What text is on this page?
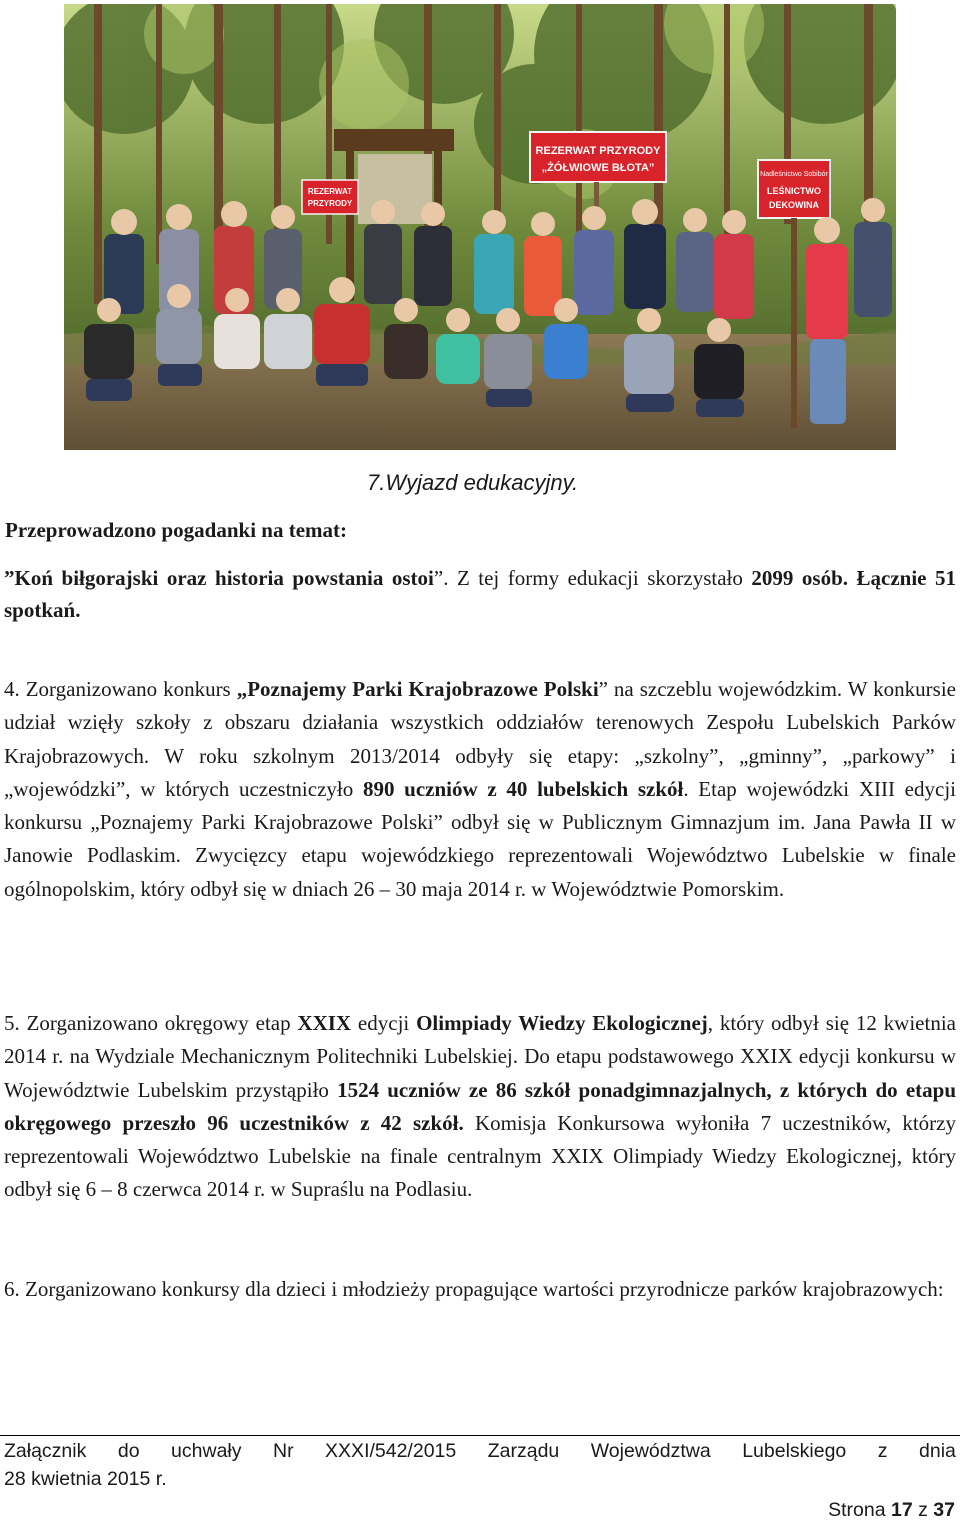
REZERWAT
PRZYRODY
REZERWAT PRZYRODY
„ŻÓŁWIOWE BŁOTA”
Nadleśnictwo Sobibór
LEŚNICTWO
DEKOWINA
7.Wyjazd edukacyjny.
Przeprowadzono pogadanki na temat:
”Koń biłgorajski oraz historia powstania ostoi”. Z tej formy edukacji skorzystało 2099 osób. Łącznie 51 spotkań.
4. Zorganizowano konkurs „Poznajemy Parki Krajobrazowe Polski” na szczeblu wojewódzkim. W konkursie udział wzięły szkoły z obszaru działania wszystkich oddziałów terenowych Zespołu Lubelskich Parków Krajobrazowych. W roku szkolnym 2013/2014 odbyły się etapy: „szkolny”, „gminny”, „parkowy” i „wojewódzki”, w których uczestniczyło 890 uczniów z 40 lubelskich szkół. Etap wojewódzki XIII edycji konkursu „Poznajemy Parki Krajobrazowe Polski” odbył się w Publicznym Gimnazjum im. Jana Pawła II w Janowie Podlaskim. Zwycięzcy etapu wojewódzkiego reprezentowali Województwo Lubelskie w finale ogólnopolskim, który odbył się w dniach 26 – 30 maja 2014 r. w Województwie Pomorskim.
5. Zorganizowano okręgowy etap XXIX edycji Olimpiady Wiedzy Ekologicznej, który odbył się 12 kwietnia 2014 r. na Wydziale Mechanicznym Politechniki Lubelskiej. Do etapu podstawowego XXIX edycji konkursu w Województwie Lubelskim przystąpiło 1524 uczniów ze 86 szkół ponadgimnazjalnych, z których do etapu okręgowego przeszło 96 uczestników z 42 szkół. Komisja Konkursowa wyłoniła 7 uczestników, którzy reprezentowali Województwo Lubelskie na finale centralnym XXIX Olimpiady Wiedzy Ekologicznej, który odbył się 6 – 8 czerwca 2014 r. w Supraślu na Podlasiu.
6. Zorganizowano konkursy dla dzieci i młodzieży propagujące wartości przyrodnicze parków krajobrazowych:
Załącznik do uchwały Nr XXXI/542/2015 Zarządu Województwa Lubelskiego z dnia
28 kwietnia 2015 r.
Strona 17 z 37
